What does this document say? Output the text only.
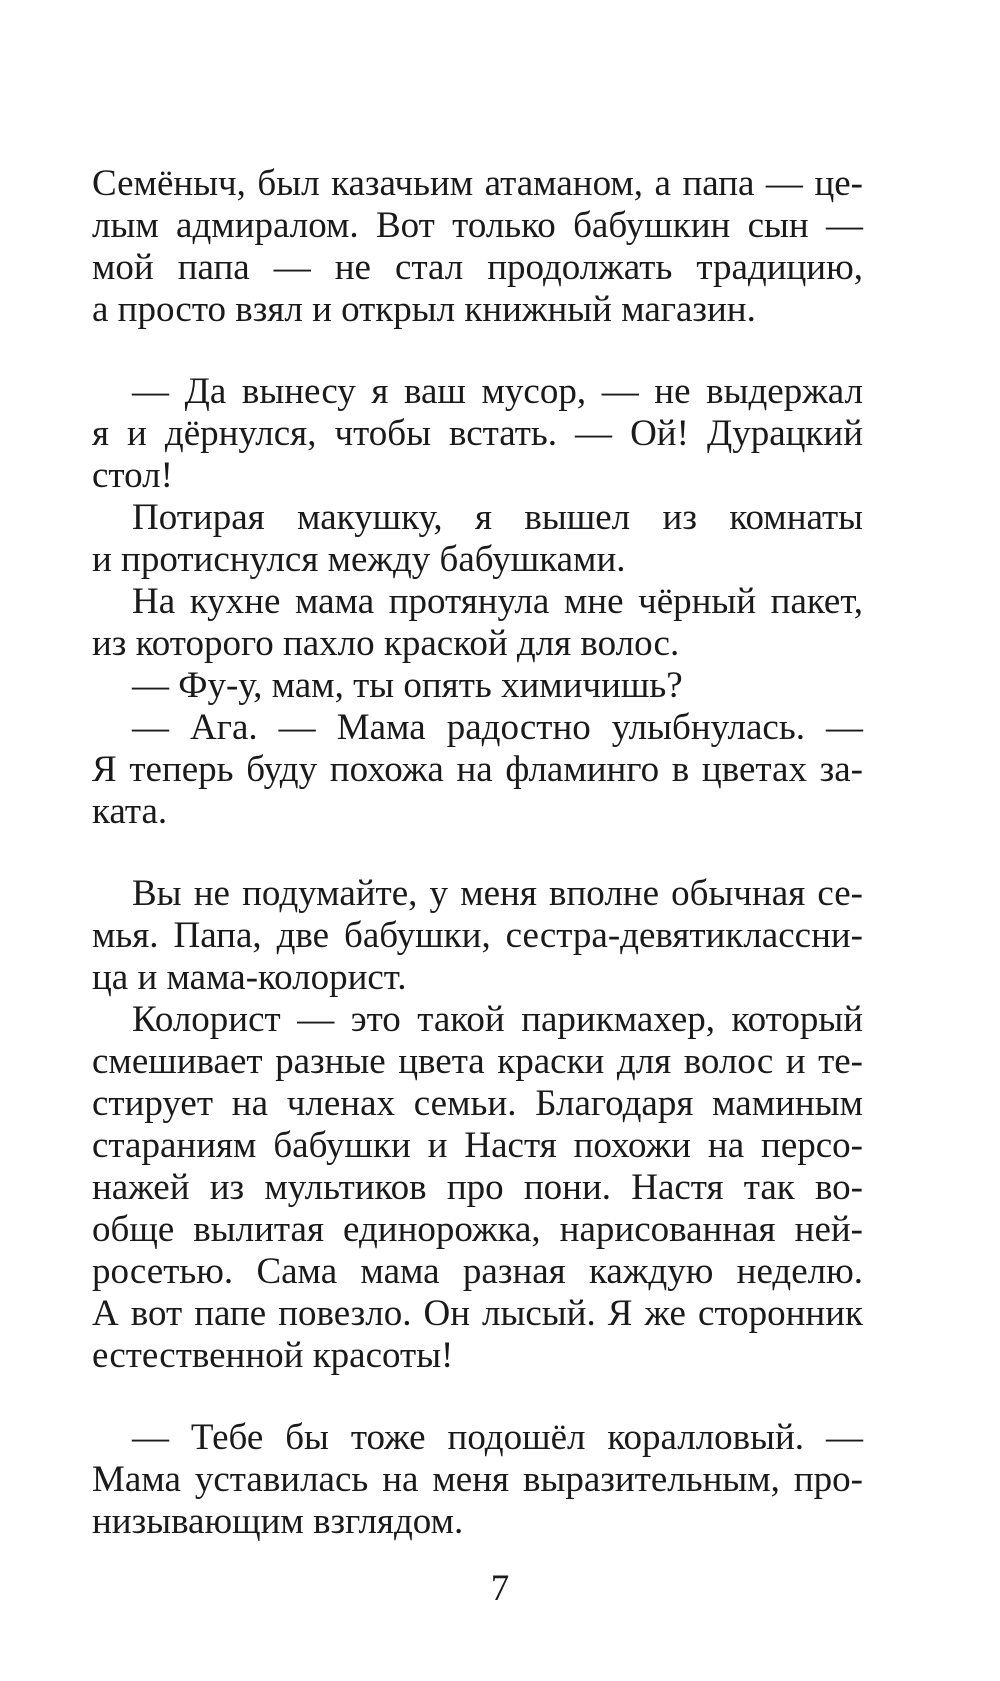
Семёныч, был казачьим атаманом, а папа — це-
лым адмиралом. Вот только бабушкин сын —
мой папа — не стал продолжать традицию,
а просто взял и открыл книжный магазин.
— Да вынесу я ваш мусор, — не выдержал
я и дёрнулся, чтобы встать. — Ой! Дурацкий
стол!
Потирая макушку, я вышел из комнаты
и протиснулся между бабушками.
На кухне мама протянула мне чёрный пакет,
из которого пахло краской для волос.
— Фу-у, мам, ты опять химичишь?
— Ага. — Мама радостно улыбнулась. —
Я теперь буду похожа на фламинго в цветах за-
ката.
Вы не подумайте, у меня вполне обычная се-
мья. Папа, две бабушки, сестра-девятиклассни-
ца и мама-колорист.
Колорист — это такой парикмахер, который
смешивает разные цвета краски для волос и те-
стирует на членах семьи. Благодаря маминым
стараниям бабушки и Настя похожи на персо-
нажей из мультиков про пони. Настя так во-
обще вылитая единорожка, нарисованная ней-
росетью. Сама мама разная каждую неделю.
А вот папе повезло. Он лысый. Я же сторонник
естественной красоты!
— Тебе бы тоже подошёл коралловый. —
Мама уставилась на меня выразительным, про-
низывающим взглядом.
7
